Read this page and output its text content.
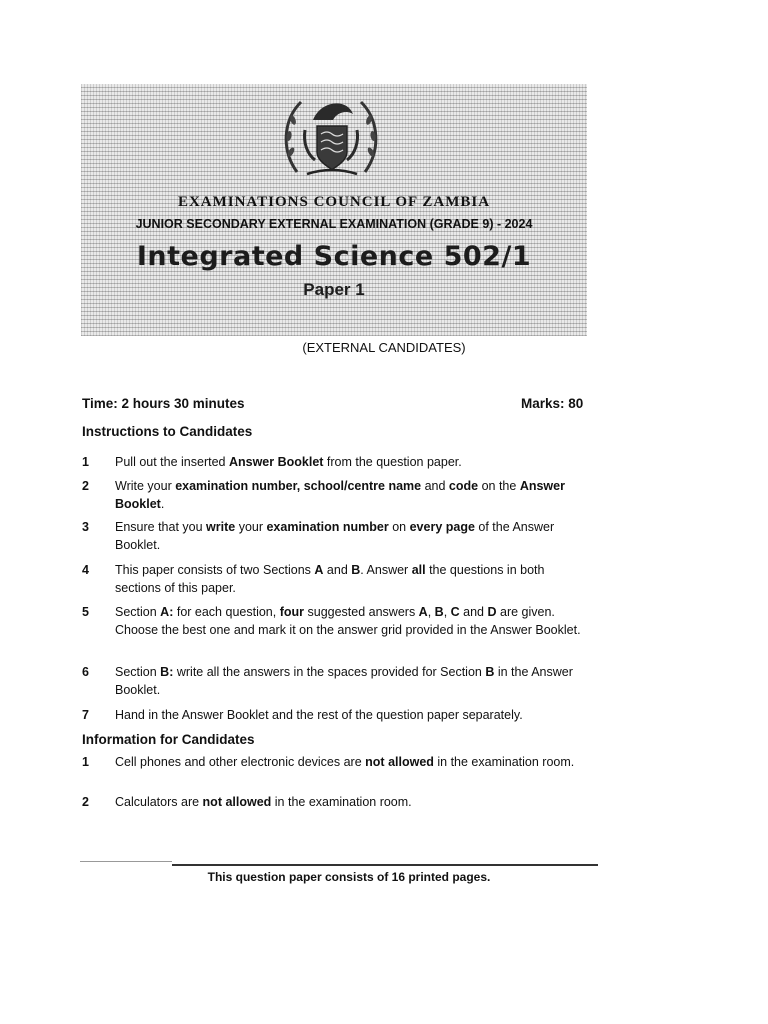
EXAMINATIONS COUNCIL OF ZAMBIA
JUNIOR SECONDARY EXTERNAL EXAMINATION (GRADE 9) - 2024
Integrated Science 502/1
Paper 1
(EXTERNAL CANDIDATES)
Time: 2 hours 30 minutes	Marks: 80
Instructions to Candidates
1	Pull out the inserted Answer Booklet from the question paper.
2	Write your examination number, school/centre name and code on the Answer Booklet.
3	Ensure that you write your examination number on every page of the Answer Booklet.
4	This paper consists of two Sections A and B. Answer all the questions in both sections of this paper.
5	Section A: for each question, four suggested answers A, B, C and D are given. Choose the best one and mark it on the answer grid provided in the Answer Booklet.
6	Section B: write all the answers in the spaces provided for Section B in the Answer Booklet.
7	Hand in the Answer Booklet and the rest of the question paper separately.
Information for Candidates
1	Cell phones and other electronic devices are not allowed in the examination room.
2	Calculators are not allowed in the examination room.
This question paper consists of 16 printed pages.
